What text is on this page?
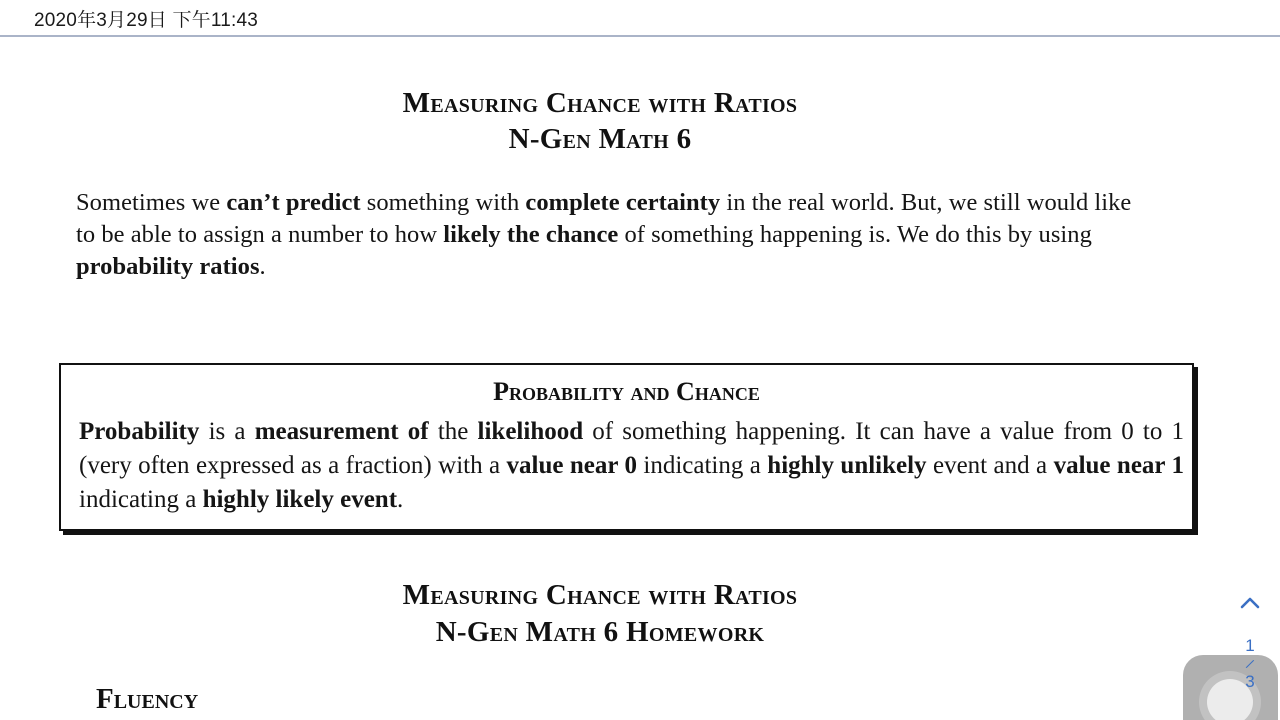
2020年3月29日 下午11:43
Measuring Chance with Ratios
N-Gen Math 6

Sometimes we can’t predict something with complete certainty in the real world. But, we still would like to be able to assign a number to how likely the chance of something happening is. We do this by using probability ratios.

Probability and Chance

Probability is a measurement of the likelihood of something happening. It can have a value from 0 to 1 (very often expressed as a fraction) with a value near 0 indicating a highly unlikely event and a value near 1 indicating a highly likely event.

Measuring Chance with Ratios
N-Gen Math 6 Homework
Fluency
1
/
3
